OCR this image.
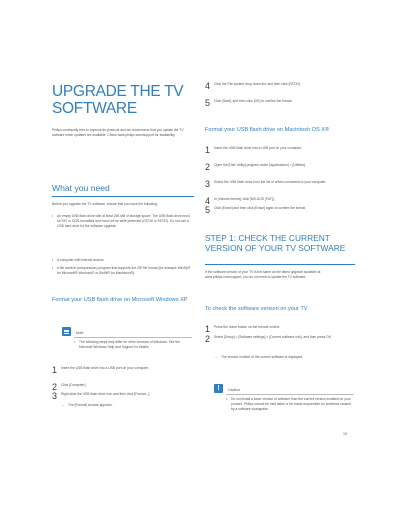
UPGRADE THE TV SOFTWARE
Philips continually tries to improve its products and we recommend that you update the TV software when updates are available. Check www.philips.com/support for availability.
What you need
Before you upgrade the TV software, ensure that you have the following:
•	An empty USB flash drive with at least 256 MB of storage space. The USB flash drive must be FAT or DOS-formatted and must not be write protected (FAT16 or FAT32). Do not use a USB hard drive for the software upgrade.
•	A computer with internet access.
•	A file archive (compression) program that supports the ZIP file format (for example WinZip® for Microsoft® Windows® or StuffIt® for Macintosh®).
Format your USB flash drive on Microsoft Windows XP
Note
•	The following steps may differ for other versions of Windows. See the Microsoft Windows Help and Support for details.
1	Insert the USB flash drive into a USB port on your computer.
2	Click [Computer].
3	Right-click the USB flash drive icon and then click [Format...].
→	The [Format] window appears.
4	Click the File system drop-down list, and then click [FAT32].
5	Click [Start], and then click [OK] to confirm the format.
Format your USB flash drive on Macintosh OS X®
1	Insert the USB flash drive into a USB port on your computer.
2	Open the [Disk Utility] program under [Applications] > [Utilities].
3	Select the USB flash drive from the list of drives connected to your computer.
4	In [Volume format], click [MS-DOS (FAT)].
5	Click [Erase] and then click [Erase] again to confirm the format.
STEP 1: CHECK THE CURRENT VERSION OF YOUR TV SOFTWARE
If the software version of your TV is the same as the latest upgrade available at www.philips.com/support, you do not need to update the TV software.
To check the software version on your TV
1	Press the home button on the remote control.
2	Select [Setup] > [Software settings] > [Current software info], and then press OK.
→	The version number of the current software is displayed.
!	Caution
•	Do not install a lower version of software than the current version installed on your product. Philips cannot be held liable or be made responsible for problems caused by a software downgrade.
15
